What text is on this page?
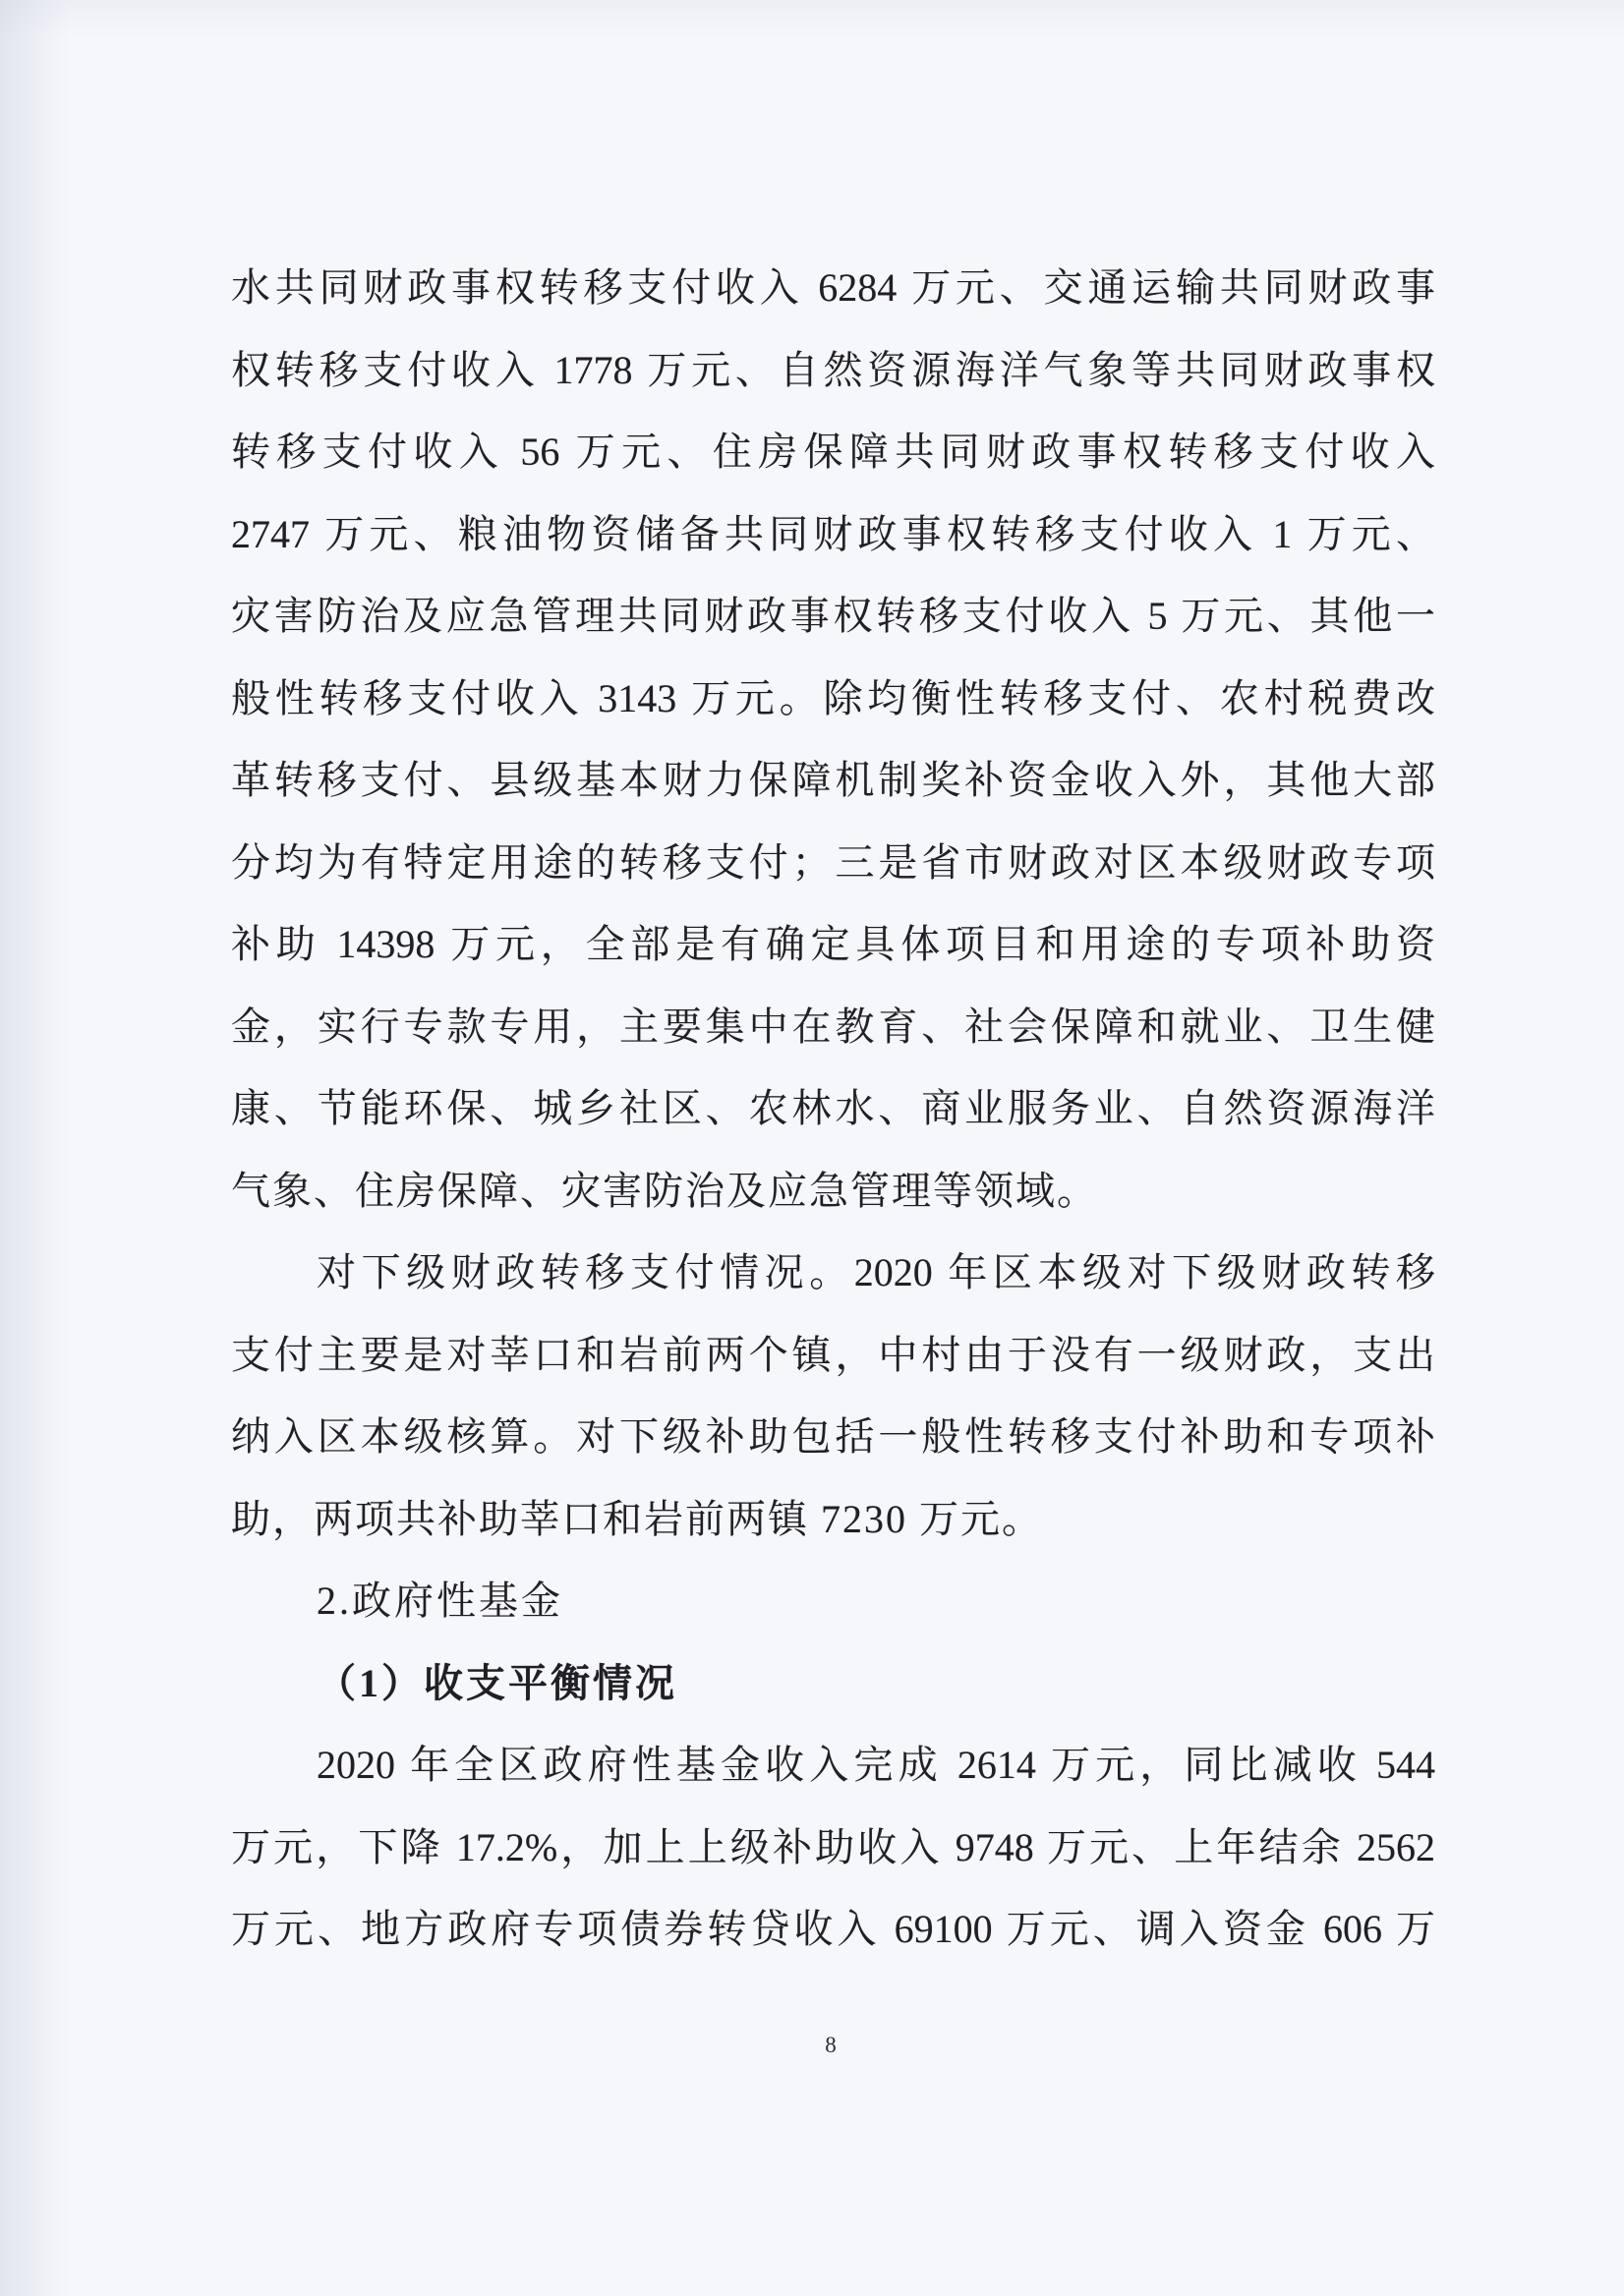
水共同财政事权转移支付收入 6284 万元、交通运输共同财政事
权转移支付收入 1778 万元、自然资源海洋气象等共同财政事权
转移支付收入 56 万元、住房保障共同财政事权转移支付收入
2747 万元、粮油物资储备共同财政事权转移支付收入 1 万元、
灾害防治及应急管理共同财政事权转移支付收入 5 万元、其他一
般性转移支付收入 3143 万元。除均衡性转移支付、农村税费改
革转移支付、县级基本财力保障机制奖补资金收入外，其他大部
分均为有特定用途的转移支付；三是省市财政对区本级财政专项
补助 14398 万元，全部是有确定具体项目和用途的专项补助资
金，实行专款专用，主要集中在教育、社会保障和就业、卫生健
康、节能环保、城乡社区、农林水、商业服务业、自然资源海洋
气象、住房保障、灾害防治及应急管理等领域。
对下级财政转移支付情况。2020 年区本级对下级财政转移
支付主要是对莘口和岩前两个镇，中村由于没有一级财政，支出
纳入区本级核算。对下级补助包括一般性转移支付补助和专项补
助，两项共补助莘口和岩前两镇 7230 万元。
2.政府性基金
（1）收支平衡情况
2020 年全区政府性基金收入完成 2614 万元，同比减收 544
万元，下降 17.2%，加上上级补助收入 9748 万元、上年结余 2562
万元、地方政府专项债券转贷收入 69100 万元、调入资金 606 万
8
